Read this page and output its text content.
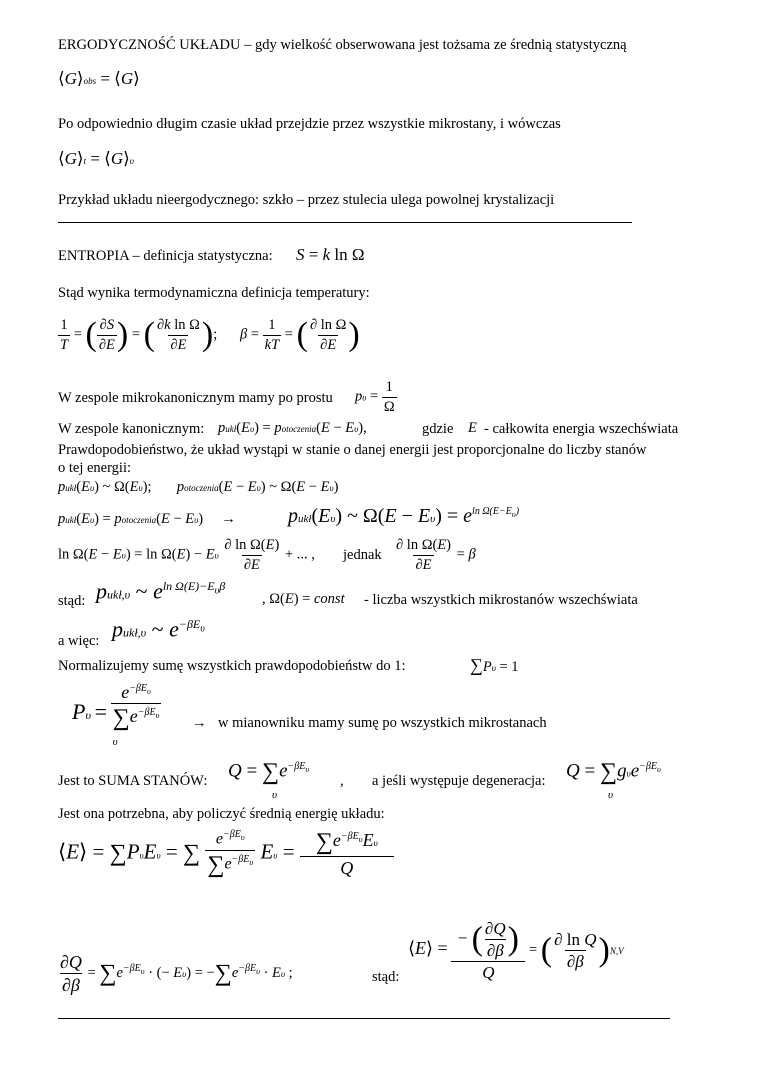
ERGODYCZNOŚĆ UKŁADU – gdy wielkość obserwowana jest tożsama ze średnią statystyczną
⟨G⟩obs = ⟨G⟩
Po odpowiednio długim czasie układ przejdzie przez wszystkie mikrostany, i wówczas
⟨G⟩t = ⟨G⟩υ
Przykład układu nieergodycznego: szkło – przez stulecia ulega powolnej krystalizacji
ENTROPIA – definicja statystyczna: S = k ln Ω
Stąd wynika termodynamiczna definicja temperatury:
$\frac{1}{T}$ = ( $\frac{\partial S}{\partial E}$ ) = ( $\frac{\text{∂k ln Ω}}{\partial E}$ ); $\beta = \frac{1}{kT}$ = ( $\frac{\text{∂ ln Ω}}{\partial E}$ )
W zespole mikrokanonicznym mamy po prostu $p\upsilon = \frac{1}{\Omega}$
W zespole kanonicznym: pukł(Eυ) = potoczenia(E − Eυ),	gdzie E - całkowita energia wszechświata
Prawdopodobieństwo, że układ wystąpi w stanie o danej energii jest proporcjonalne do liczby stanów
o tej energii:
pukł(Eυ) ~ Ω(Eυ);       potoczenia(E − Eυ) ~ Ω(E − Eυ)
pukł(Eυ) = potoczenia(E − Eυ)     →	pukł(Eυ) ~ $\Omega(E - E\upsilon) = e^{ln \Omega(E-E_\upsilon)}$
ln Ω(E − Eυ) = ln Ω(E) − Eυ $\frac{\text{∂ ln Ω(E)}}{\partial E}$ + ... , jednak $\frac{\text{∂ ln Ω(E)}}{\partial E} = \beta$
stąd: pukł,υ ~ $e^{ln \Omega(E)-E_\upsilon\beta}$
, Ω(E) = const - liczba wszystkich mikrostanów wszechświata
a więc: pukł,υ ~ $e^{-\beta E_\upsilon}$
Normalizujemy sumę wszystkich prawdopodobieństw do 1:	∑Pυ = 1
Pυ =
$e^{-\beta E_\upsilon}$
$\sum e^{-\beta E_\upsilon}$
υ
→ w mianowniku mamy sumę po wszystkich mikrostanach
Jest to SUMA STANÓW: $Q = \sum e^{-\beta E_\upsilon}$
υ
, a jeśli występuje degeneracja: Q = ∑gυe$^{-\beta E_\upsilon}$
υ
Jest ona potrzebna, aby policzyć średnią energię układu:
⟨E⟩ = ∑PυEυ = ∑ $\frac{e^{-\beta E_\upsilon}}{\sum e^{-\beta E_\upsilon}}$ $E\upsilon = \frac{\sum e^{-\beta E_\upsilon}E\upsilon}{Q}$
$\frac{\partial Q}{\partial\beta} = \sum e^{-\beta E_\upsilon}$ · (− $E\upsilon) = -\sum e^{-\beta E_\upsilon} \cdot E\upsilon$ ;	stąd:
⟨E⟩ = $\frac{- ( \frac{\partial Q}{\partial\beta} )}{Q}$ = ( $\frac{\text{∂ ln Q}}{\partial\beta} )N,V$
